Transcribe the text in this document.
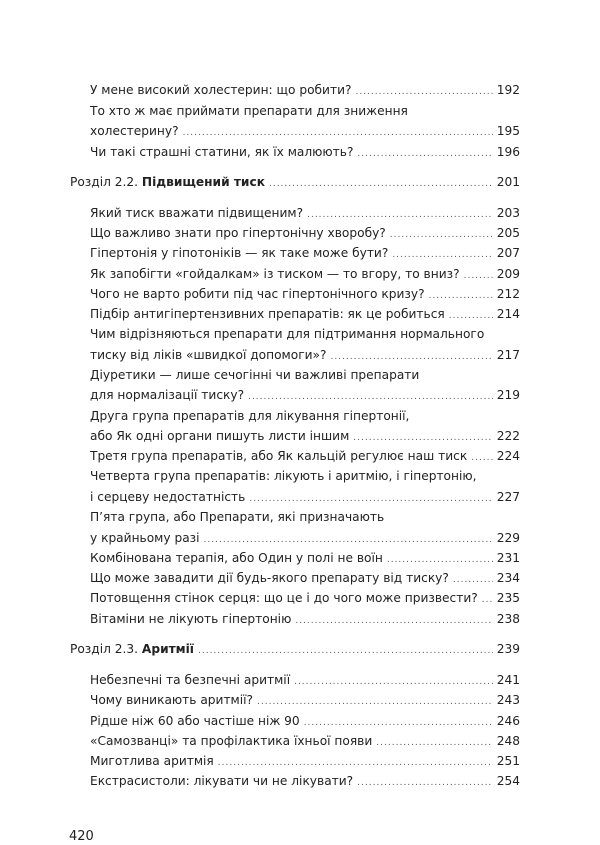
У мене високий холестерин: що робити? .....	192
То хто ж має приймати препарати для зниження
холестерину? .....	195
Чи такі страшні статини, як їх малюють? .....	196
Розділ 2.2. Підвищений тиск .....	201
Який тиск вважати підвищеним? .....	203
Що важливо знати про гіпертонічну хворобу? .....	205
Гіпертонія у гіпотоніків — як таке може бути? .....	207
Як запобігти «гойдалкам» із тиском — то вгору, то вниз? .....	209
Чого не варто робити під час гіпертонічного кризу? .....	212
Підбір антигіпертензивних препаратів: як це робиться .....	214
Чим відрізняються препарати для підтримання нормального
тиску від ліків «швидкої допомоги»? .....	217
Діуретики — лише сечогінні чи важливі препарати
для нормалізації тиску? .....	219
Друга група препаратів для лікування гіпертонії,
або Як одні органи пишуть листи іншим .....	222
Третя група препаратів, або Як кальцій регулює наш тиск ..... 224
Четверта група препаратів: лікують і аритмію, і гіпертонію,
і серцеву недостатність .....	227
П’ята група, або Препарати, які призначають
у крайньому разі .....	229
Комбінована терапія, або Один у полі не воїн .....	231
Що може завадити дії будь-якого препарату від тиску? .....	234
Потовщення стінок серця: що це і до чого може призвести? ..... 235
Вітаміни не лікують гіпертонію .....	238
Розділ 2.3. Аритмії .....	239
Небезпечні та безпечні аритмії .....	241
Чому виникають аритмії? .....	243
Рідше ніж 60 або частіше ніж 90 .....	246
«Самозванці» та профілактика їхньої появи .....	248
Миготлива аритмія .....	251
Екстрасистоли: лікувати чи не лікувати? .....	254
420
